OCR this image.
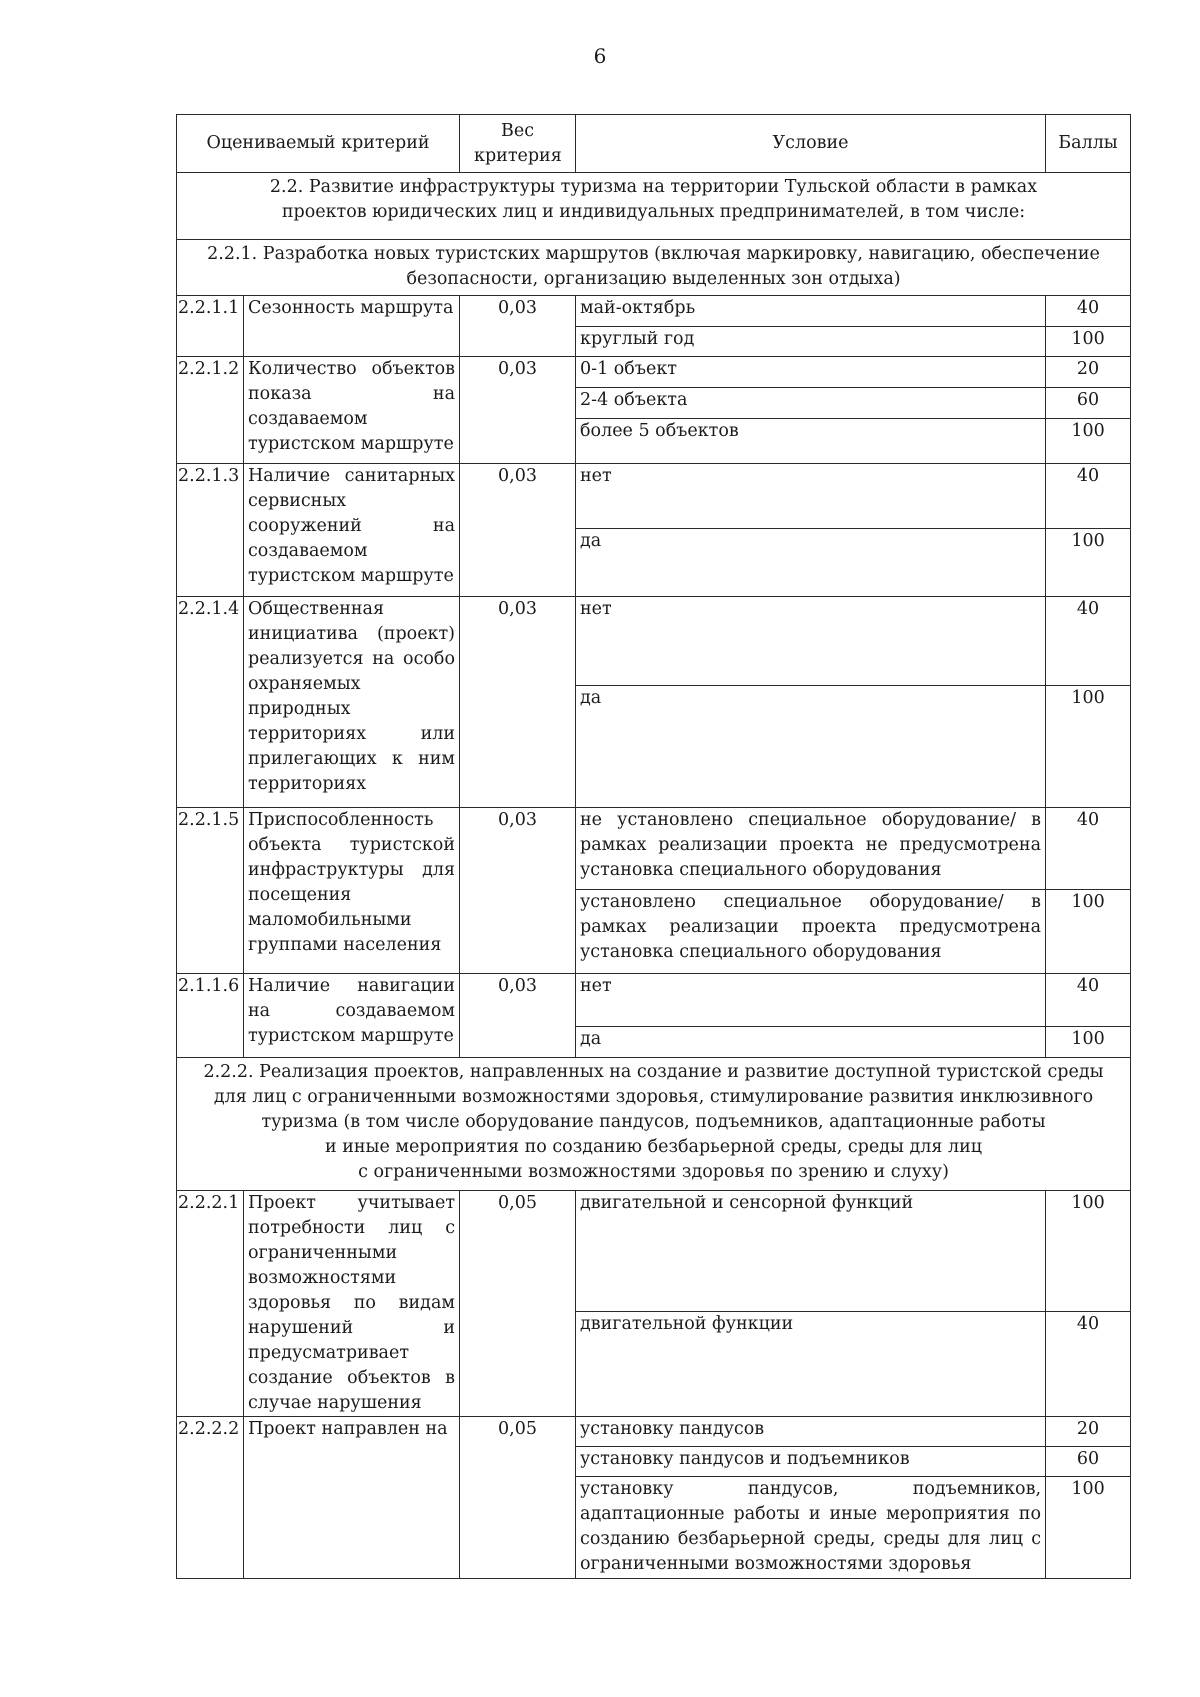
6
Оцениваемый критерий		Вес критерия	Условие	Баллы

2.2. Развитие инфраструктуры туризма на территории Тульской области в рамках
проектов юридических лиц и индивидуальных предпринимателей, в том числе:				

2.2.1. Разработка новых туристских маршрутов (включая маркировку, навигацию, обеспечение
безопасности, организацию выделенных зон отдыха)				

2.2.1.1	Сезонность маршрута	0,03	май-октябрь	40
			круглый год	100
2.2.1.2	Количество объектов показа на создаваемом туристском маршруте	0,03	0-1 объект	20
			2-4 объекта	60
			более 5 объектов	100
2.2.1.3	Наличие санитарных сервисных сооружений на создаваемом туристском маршруте	0,03	нет	40
			да	100
2.2.1.4	Общественная инициатива (проект) реализуется на особо охраняемых природных территориях или прилегающих к ним территориях	0,03	нет	40
			да	100
2.2.1.5	Приспособленность объекта туристской инфраструктуры для посещения маломобильными группами населения	0,03	не установлено специальное оборудование/ в рамках реализации проекта не предусмотрена установка специального оборудования	40
			установлено специальное оборудование/ в рамках реализации проекта предусмотрена установка специального оборудования	100
2.1.1.6	Наличие навигации на создаваемом туристском маршруте	0,03	нет	40
			да	100

2.2.2. Реализация проектов, направленных на создание и развитие доступной туристской среды
для лиц с ограниченными возможностями здоровья, стимулирование развития инклюзивного
туризма (в том числе оборудование пандусов, подъемников, адаптационные работы
и иные мероприятия по созданию безбарьерной среды, среды для лиц
с ограниченными возможностями здоровья по зрению и слуху)				

2.2.2.1	Проект учитывает потребности лиц с ограниченными возможностями здоровья по видам нарушений и предусматривает создание объектов в случае нарушения	0,05	двигательной и сенсорной функций	100
			двигательной функции	40
2.2.2.2	Проект направлен на	0,05	установку пандусов	20
			установку пандусов и подъемников	60
			установку пандусов, подъемников, адаптационные работы и иные мероприятия по созданию безбарьерной среды, среды для лиц с ограниченными возможностями здоровья	100
